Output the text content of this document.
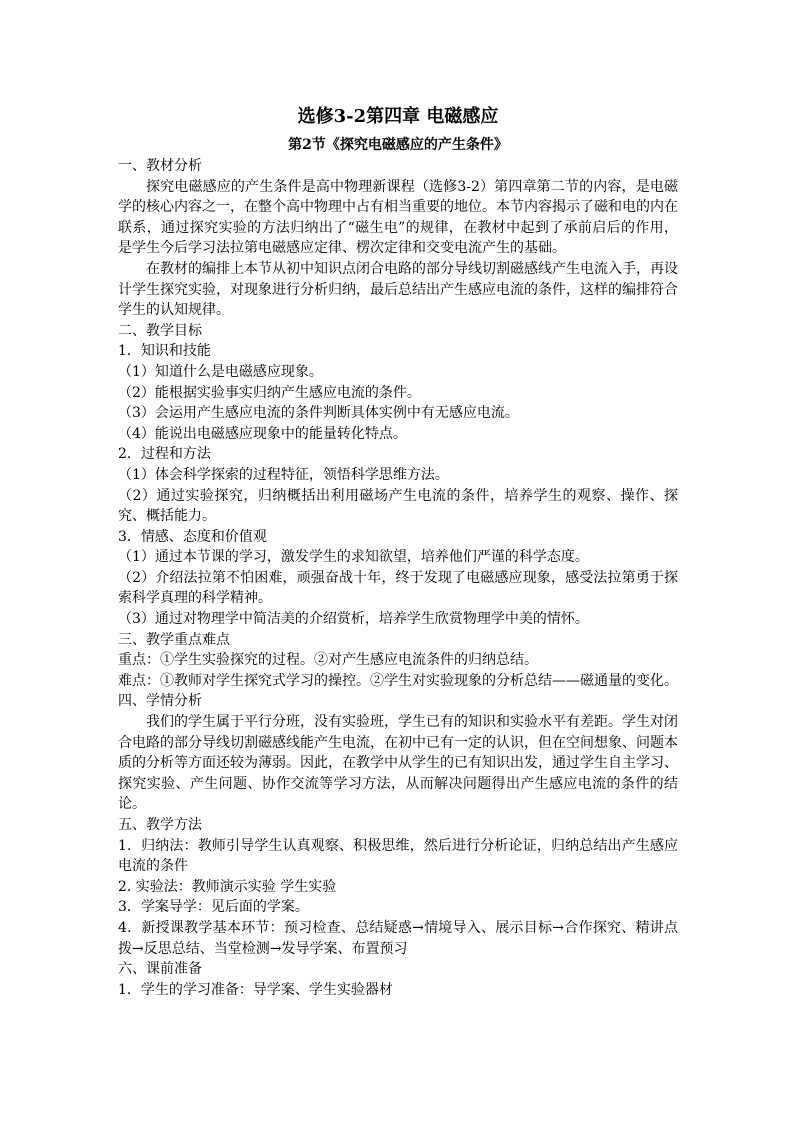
选修3-2第四章 电磁感应
第2节《探究电磁感应的产生条件》
一、教材分析
探究电磁感应的产生条件是高中物理新课程（选修3-2）第四章第二节的内容，是电磁学的核心内容之一，在整个高中物理中占有相当重要的地位。本节内容揭示了磁和电的内在联系，通过探究实验的方法归纳出了“磁生电”的规律，在教材中起到了承前启后的作用，是学生今后学习法拉第电磁感应定律、楞次定律和交变电流产生的基础。
在教材的编排上本节从初中知识点闭合电路的部分导线切割磁感线产生电流入手，再设计学生探究实验，对现象进行分析归纳，最后总结出产生感应电流的条件，这样的编排符合学生的认知规律。
二、教学目标
1．知识和技能
（1）知道什么是电磁感应现象。
（2）能根据实验事实归纳产生感应电流的条件。
（3）会运用产生感应电流的条件判断具体实例中有无感应电流。
（4）能说出电磁感应现象中的能量转化特点。
2．过程和方法
（1）体会科学探索的过程特征，领悟科学思维方法。
（2）通过实验探究，归纳概括出利用磁场产生电流的条件，培养学生的观察、操作、探究、概括能力。
3．情感、态度和价值观
（1）通过本节课的学习，激发学生的求知欲望，培养他们严谨的科学态度。
（2）介绍法拉第不怕困难，顽强奋战十年，终于发现了电磁感应现象，感受法拉第勇于探索科学真理的科学精神。
（3）通过对物理学中简洁美的介绍赏析，培养学生欣赏物理学中美的情怀。
三、教学重点难点
重点：①学生实验探究的过程。②对产生感应电流条件的归纳总结。
难点：①教师对学生探究式学习的操控。②学生对实验现象的分析总结——磁通量的变化。
四、学情分析
我们的学生属于平行分班，没有实验班，学生已有的知识和实验水平有差距。学生对闭合电路的部分导线切割磁感线能产生电流，在初中已有一定的认识，但在空间想象、问题本质的分析等方面还较为薄弱。因此，在教学中从学生的已有知识出发，通过学生自主学习、探究实验、产生问题、协作交流等学习方法，从而解决问题得出产生感应电流的条件的结论。
五、教学方法
1．归纳法：教师引导学生认真观察、积极思维，然后进行分析论证，归纳总结出产生感应电流的条件
2. 实验法：教师演示实验 学生实验
3．学案导学：见后面的学案。
4．新授课教学基本环节：预习检查、总结疑惑→情境导入、展示目标→合作探究、精讲点拨→反思总结、当堂检测→发导学案、布置预习
六、课前准备
1．学生的学习准备：导学案、学生实验器材
